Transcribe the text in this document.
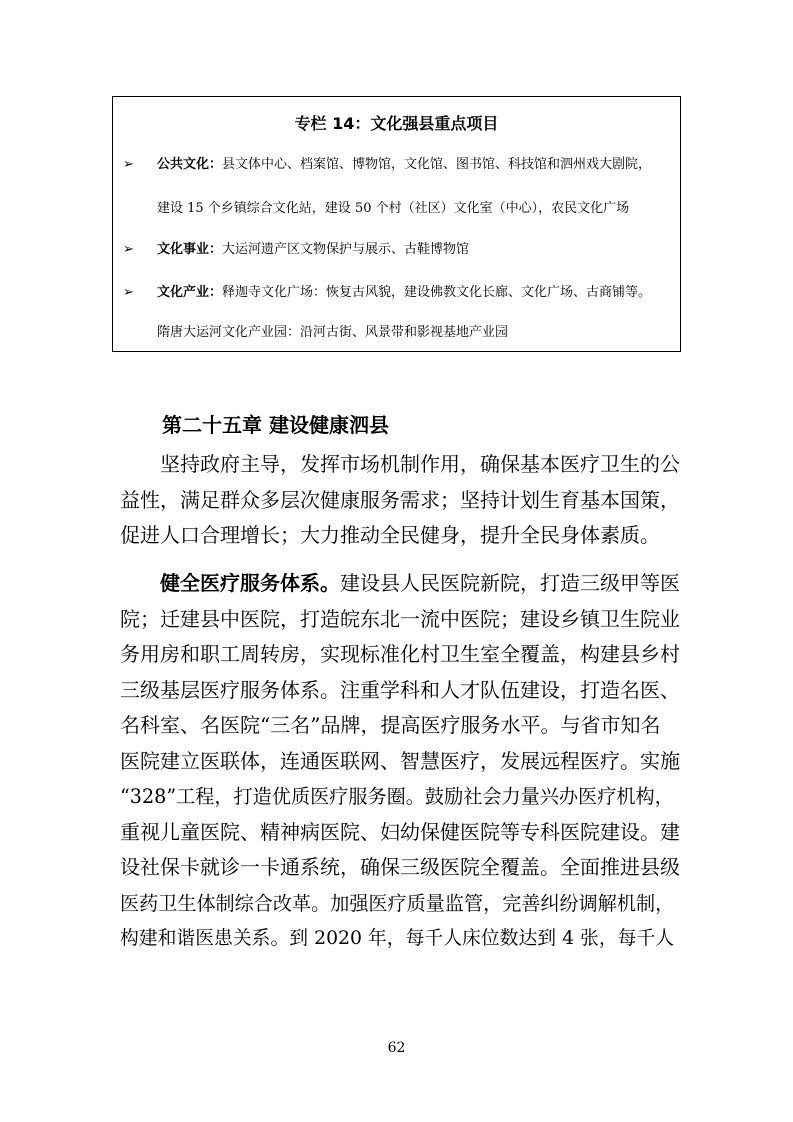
专栏 14：文化强县重点项目
➢ 公共文化：县文体中心、档案馆、博物馆，文化馆、图书馆、科技馆和泗州戏大剧院，
建设 15 个乡镇综合文化站，建设 50 个村（社区）文化室（中心），农民文化广场
➢ 文化事业：大运河遗产区文物保护与展示、古鞋博物馆
➢ 文化产业：释迦寺文化广场：恢复古风貌，建设佛教文化长廊、文化广场、古商铺等。
隋唐大运河文化产业园：沿河古街、风景带和影视基地产业园
第二十五章 建设健康泗县
坚持政府主导，发挥市场机制作用，确保基本医疗卫生的公
益性，满足群众多层次健康服务需求；坚持计划生育基本国策，
促进人口合理增长；大力推动全民健身，提升全民身体素质。
健全医疗服务体系。建设县人民医院新院，打造三级甲等医
院；迁建县中医院，打造皖东北一流中医院；建设乡镇卫生院业
务用房和职工周转房，实现标准化村卫生室全覆盖，构建县乡村
三级基层医疗服务体系。注重学科和人才队伍建设，打造名医、
名科室、名医院“三名”品牌，提高医疗服务水平。与省市知名
医院建立医联体，连通医联网、智慧医疗，发展远程医疗。实施
“328”工程，打造优质医疗服务圈。鼓励社会力量兴办医疗机构，
重视儿童医院、精神病医院、妇幼保健医院等专科医院建设。建
设社保卡就诊一卡通系统，确保三级医院全覆盖。全面推进县级
医药卫生体制综合改革。加强医疗质量监管，完善纠纷调解机制，
构建和谐医患关系。到 2020 年，每千人床位数达到 4 张，每千人
62
